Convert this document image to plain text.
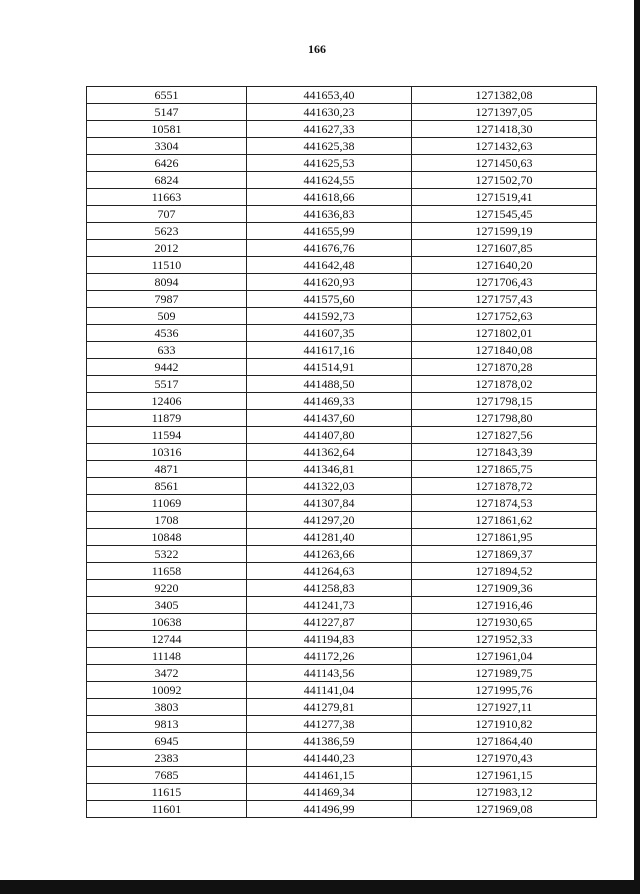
166
6551	441653,40	1271382,08
5147	441630,23	1271397,05
10581	441627,33	1271418,30
3304	441625,38	1271432,63
6426	441625,53	1271450,63
6824	441624,55	1271502,70
11663	441618,66	1271519,41
707	441636,83	1271545,45
5623	441655,99	1271599,19
2012	441676,76	1271607,85
11510	441642,48	1271640,20
8094	441620,93	1271706,43
7987	441575,60	1271757,43
509	441592,73	1271752,63
4536	441607,35	1271802,01
633	441617,16	1271840,08
9442	441514,91	1271870,28
5517	441488,50	1271878,02
12406	441469,33	1271798,15
11879	441437,60	1271798,80
11594	441407,80	1271827,56
10316	441362,64	1271843,39
4871	441346,81	1271865,75
8561	441322,03	1271878,72
11069	441307,84	1271874,53
1708	441297,20	1271861,62
10848	441281,40	1271861,95
5322	441263,66	1271869,37
11658	441264,63	1271894,52
9220	441258,83	1271909,36
3405	441241,73	1271916,46
10638	441227,87	1271930,65
12744	441194,83	1271952,33
11148	441172,26	1271961,04
3472	441143,56	1271989,75
10092	441141,04	1271995,76
3803	441279,81	1271927,11
9813	441277,38	1271910,82
6945	441386,59	1271864,40
2383	441440,23	1271970,43
7685	441461,15	1271961,15
11615	441469,34	1271983,12
11601	441496,99	1271969,08
